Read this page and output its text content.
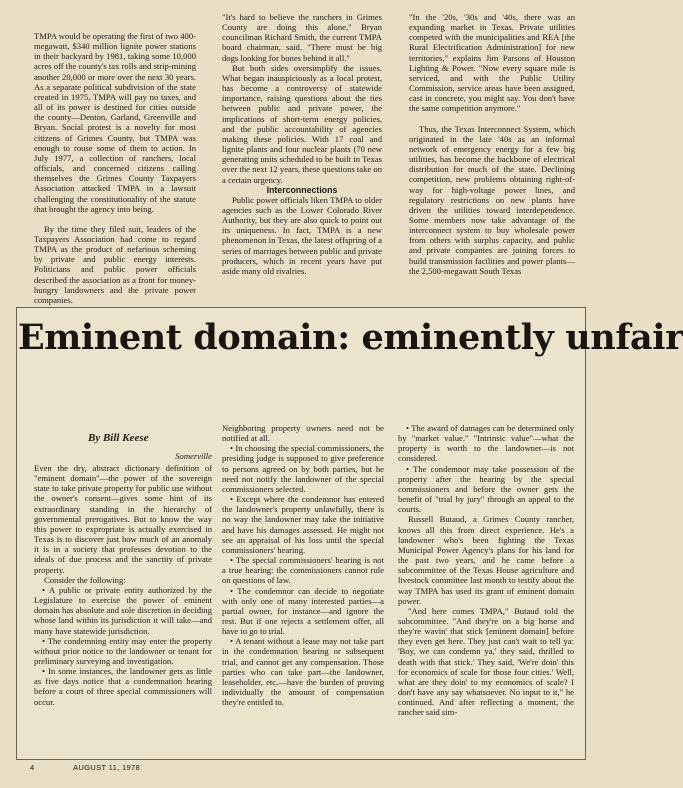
TMPA would be operating the first of two 400-megawatt, $340 million lignite power stations in their backyard by 1981, taking some 10,000 acres off the county's tax rolls and strip-mining another 20,000 or more over the next 30 years. As a separate political subdivision of the state created in 1975, TMPA will pay no taxes, and all of its power is destined for cities outside the county—Denton, Garland, Greenville and Bryan. Social protest is a novelty for most citizens of Grimes County, but TMPA was enough to rouse some of them to action. In July 1977, a collection of ranchers, local officials, and concerned citizens calling themselves the Grimes County Taxpayers Association attacked TMPA in a lawsuit challenging the constitutionality of the statute that brought the agency into being.

By the time they filed suit, leaders of the Taxpayers Association had come to regard TMPA as the product of nefarious scheming by private and public energy interests. Politicians and public power officials described the association as a front for money-hungry landowners and the private power companies.

"It's hard to believe the ranchers in Grimes County are doing this alone," Bryan councilman Richard Smith, the current TMPA board chairman, said. "There must be big dogs looking for bones behind it all."

But both sides oversimplify the issues. What began inauspiciously as a local protest, has become a controversy of statewide importance, raising questions about the ties between public and private power, the implications of short-term energy policies, and the public accountability of agencies making these policies. With 17 coal and lignite plants and four nuclear plants (70 new generating units scheduled to be built in Texas over the next 12 years, these questions take on a certain urgency.

Interconnections

Public power officials liken TMPA to older agencies such as the Lower Colorado River Authority, but they are also quick to point out its uniqueness. In fact, TMPA is a new phenomenon in Texas, the latest offspring of a series of marriages between public and private producers, which in recent years have put aside many old rivalries.

"In the '20s, '30s and '40s, there was an expanding market in Texas. Private utilities competed with the municipalities and REA [the Rural Electrification Administration] for new territories," explains Jim Parsons of Houston Lighting & Power. "Now every square mile is serviced, and with the Public Utility Commission, service areas have been assigned, cast in concrete, you might say. You don't have the same competition anymore."

Thus, the Texas Interconnect System, which originated in the late '40s as an informal network of emergency energy for a few big utilities, has become the backbone of electrical distribution for much of the state. Declining competition, new problems obtaining right-of-way for high-voltage power lines, and regulatory restrictions on new plants have driven the utilities toward interdependence. Some members now take advantage of the interconnect system to buy wholesale power from others with surplus capacity, and public and private companies are joining forces to build transmission facilities and power plants—the 2,500-megawatt South Texas

Eminent domain: eminently unfair
By Bill Keese
Somerville

Even the dry, abstract dictionary definition of "eminent domain"—the power of the sovereign state to take private property for public use without the owner's consent—gives some hint of its extraordinary standing in the hierarchy of governmental prerogatives. But to know the way this power to expropriate is actually exercised in Texas is to discover just how much of an anomaly it is in a society that professes devotion to the ideals of due process and the sanctity of private property.

Consider the following:

• A public or private entity authorized by the Legislature to exercise the power of eminent domain has absolute and sole discretion in deciding whose land within its jurisdiction it will take—and many have statewide jurisdiction.

• The condemning entity may enter the property without prior notice to the landowner or tenant for preliminary surveying and investigation.

• In some instances, the landowner gets as little as five days notice that a condemnation hearing before a court of three special commissioners will occur.

Neighboring property owners need not be notified at all.

• In choosing the special commissioners, the presiding judge is supposed to give preference to persons agreed on by both parties, but he need not notify the landowner of the special commissioners selected.

• Except where the condemnor has entered the landowner's property unlawfully, there is no way the landowner may take the initiative and have his damages assessed. He might not see an appraisal of his loss until the special commissioners' hearing.

• The special commissioners' hearing is not a true hearing: the commissioners cannot rule on questions of law.

• The condemnor can decide to negotiate with only one of many interested parties—a partial owner, for instance—and ignore the rest. But if one rejects a settlement offer, all have to go to trial.

• A tenant without a lease may not take part in the condemnation hearing or subsequent trial, and cannot get any compensation. Those parties who can take part—the landowner, leaseholder, etc.—have the burden of proving individually the amount of compensation they're entitled to.

• The award of damages can be determined only by "market value." "Intrinsic value"—what the property is worth to the landowner—is not considered.

• The condemnor may take possession of the property after the hearing by the special commissioners and before the owner gets the benefit of "trial by jury" through an appeal to the courts.

Russell Butaud, a Grimes County rancher, knows all this from direct experience. He's a landowner who's been fighting the Texas Municipal Power Agency's plans for his land for the past two years, and he came before a subcommittee of the Texas House agriculture and livestock committee last month to testify about the way TMPA has used its grant of eminent domain power.

"And here comes TMPA," Butaud told the subcommittee. "And they're on a big horse and they're wavin' that stick [eminent domain] before they even get here. They just can't wait to tell ya: 'Boy, we can condemn ya,' they said, thrilled to death with that stick.' They said, 'We're doin' this for economics of scale for those four cities.' Well, what are they doin' to my economics of scale? I don't have any say whatsoever. No input to it," he continued. And after reflecting a moment, the rancher said sim-

4	AUGUST 11, 1978
